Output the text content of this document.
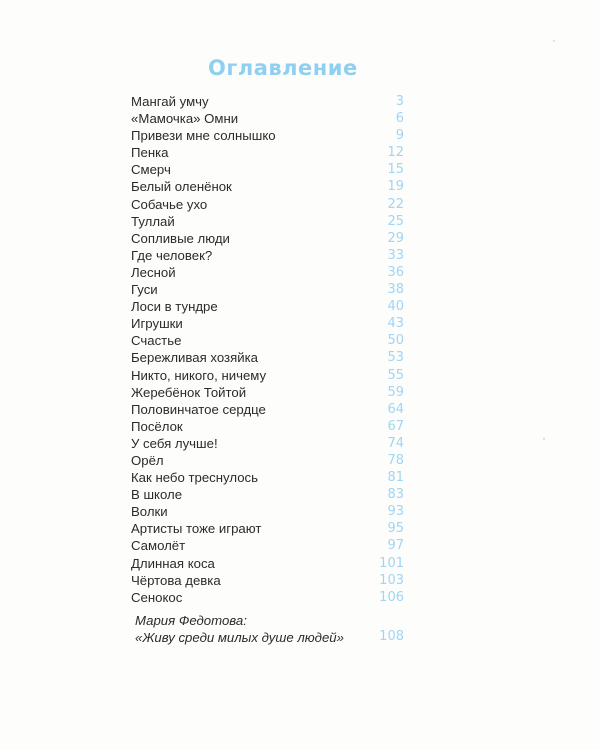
Оглавление
Мангай умчу	3
«Мамочка» Омни	6
Привези мне солнышко	9
Пенка	12
Смерч	15
Белый оленёнок	19
Собачье ухо	22
Туллай	25
Сопливые люди	29
Где человек?	33
Лесной	36
Гуси	38
Лоси в тундре	40
Игрушки	43
Счастье	50
Бережливая хозяйка	53
Никто, никого, ничему	55
Жеребёнок Тойтой	59
Половинчатое сердце	64
Посёлок	67
У себя лучше!	74
Орёл	78
Как небо треснулось	81
В школе	83
Волки	93
Артисты тоже играют	95
Самолёт	97
Длинная коса	101
Чёртова девка	103
Сенокос	106
Мария Федотова:
«Живу среди милых душе людей»	108
